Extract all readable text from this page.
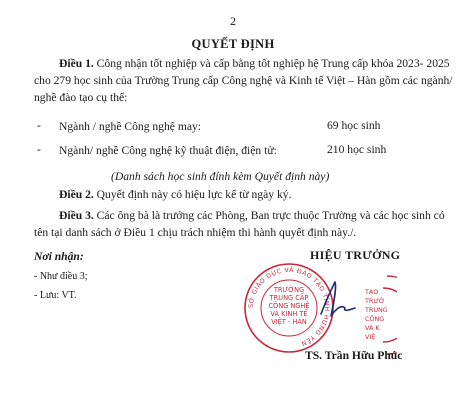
2
QUYẾT ĐỊNH
Điều 1. Công nhận tốt nghiệp và cấp bằng tốt nghiệp hệ Trung cấp khóa 2023- 2025
cho 279 học sinh của Trường Trung cấp Công nghệ và Kinh tế Việt – Hàn gồm các ngành/
nghề đào tạo cụ thể:
- Ngành / nghề Công nghệ may:	69 học sinh
- Ngành/ nghề Công nghệ kỹ thuật điện, điện tử:	210 học sinh
(Danh sách học sinh đính kèm Quyết định này)
Điều 2. Quyết định này có hiệu lực kể từ ngày ký.
Điều 3. Các ông bà là trưởng các Phòng, Ban trực thuộc Trường và các học sinh có
tên tại danh sách ở Điều 1 chịu trách nhiệm thi hành quyết định này./.
Nơi nhận:
- Như điều 3;
- Lưu: VT.
HIỆU TRƯỞNG
SỞ GIÁO DỤC VÀ ĐÀO TẠO TỈNH HƯNG YÊN
TRƯỜNG
TRUNG CẤP
CÔNG NGHỆ
VÀ KINH TẾ
VIỆT - HÀN
TẠO
TRƯỜ
TRUNG
CÔNG
VÀ K
VIỆ
TS. Trần Hữu Phúc
